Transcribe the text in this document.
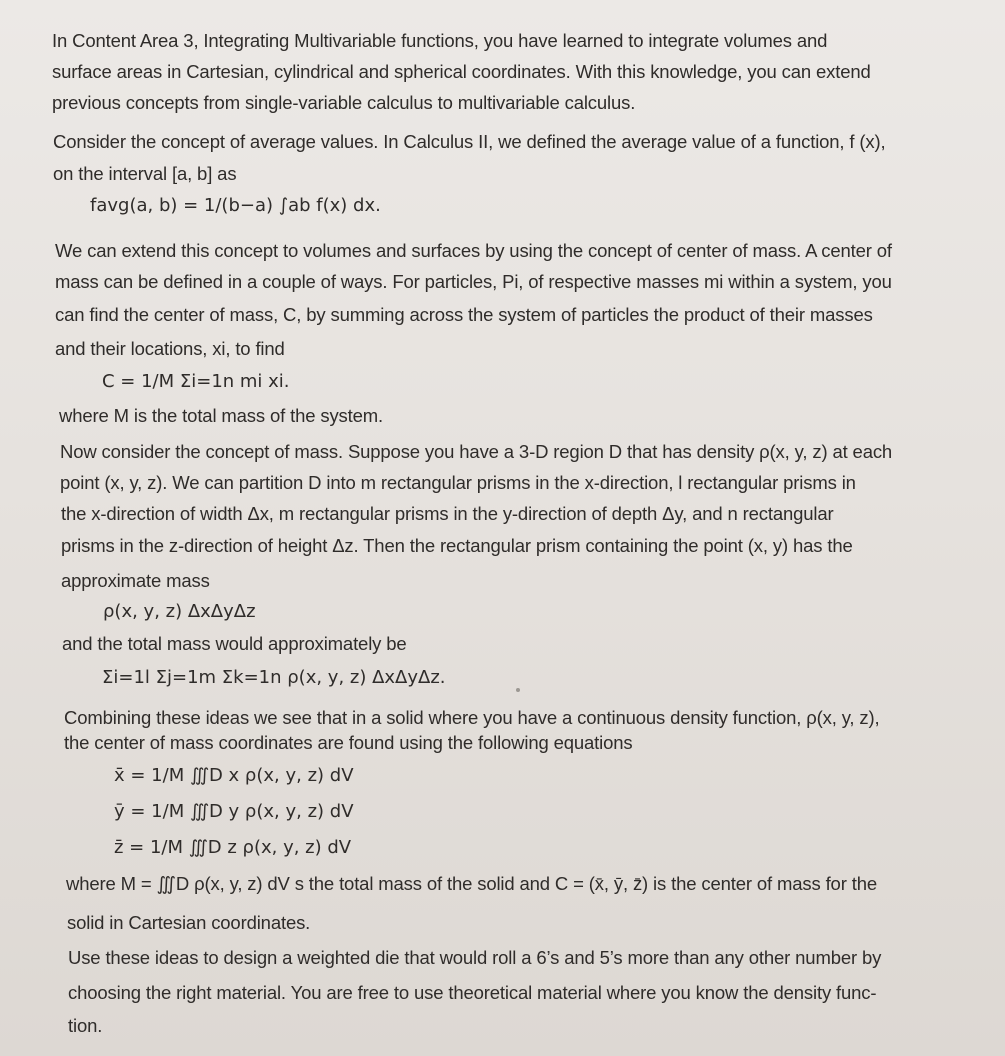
In Content Area 3, Integrating Multivariable functions, you have learned to integrate volumes and
surface areas in Cartesian, cylindrical and spherical coordinates. With this knowledge, you can extend
previous concepts from single-variable calculus to multivariable calculus.
Consider the concept of average values. In Calculus II, we defined the average value of a function, f (x),
on the interval [a, b] as
favg(a, b) = 1/(b−a) ∫ab f(x) dx.
We can extend this concept to volumes and surfaces by using the concept of center of mass. A center of
mass can be defined in a couple of ways. For particles, Pi, of respective masses mi within a system, you
can find the center of mass, C, by summing across the system of particles the product of their masses
and their locations, xi, to find
C = 1/M Σi=1n mi xi.
where M is the total mass of the system.
Now consider the concept of mass. Suppose you have a 3-D region D that has density ρ(x, y, z) at each
point (x, y, z). We can partition D into m rectangular prisms in the x-direction, l rectangular prisms in
the x-direction of width Δx, m rectangular prisms in the y-direction of depth Δy, and n rectangular
prisms in the z-direction of height Δz. Then the rectangular prism containing the point (x, y) has the
approximate mass
ρ(x, y, z) ΔxΔyΔz
and the total mass would approximately be
Σi=1l Σj=1m Σk=1n ρ(x, y, z) ΔxΔyΔz.
Combining these ideas we see that in a solid where you have a continuous density function, ρ(x, y, z),
the center of mass coordinates are found using the following equations
x̄ = 1/M ∭D x ρ(x, y, z) dV
ȳ = 1/M ∭D y ρ(x, y, z) dV
z̄ = 1/M ∭D z ρ(x, y, z) dV
where M = ∭D ρ(x, y, z) dV s the total mass of the solid and C = (x̄, ȳ, z̄) is the center of mass for the
solid in Cartesian coordinates.
Use these ideas to design a weighted die that would roll a 6’s and 5’s more than any other number by
choosing the right material. You are free to use theoretical material where you know the density func-
tion.
